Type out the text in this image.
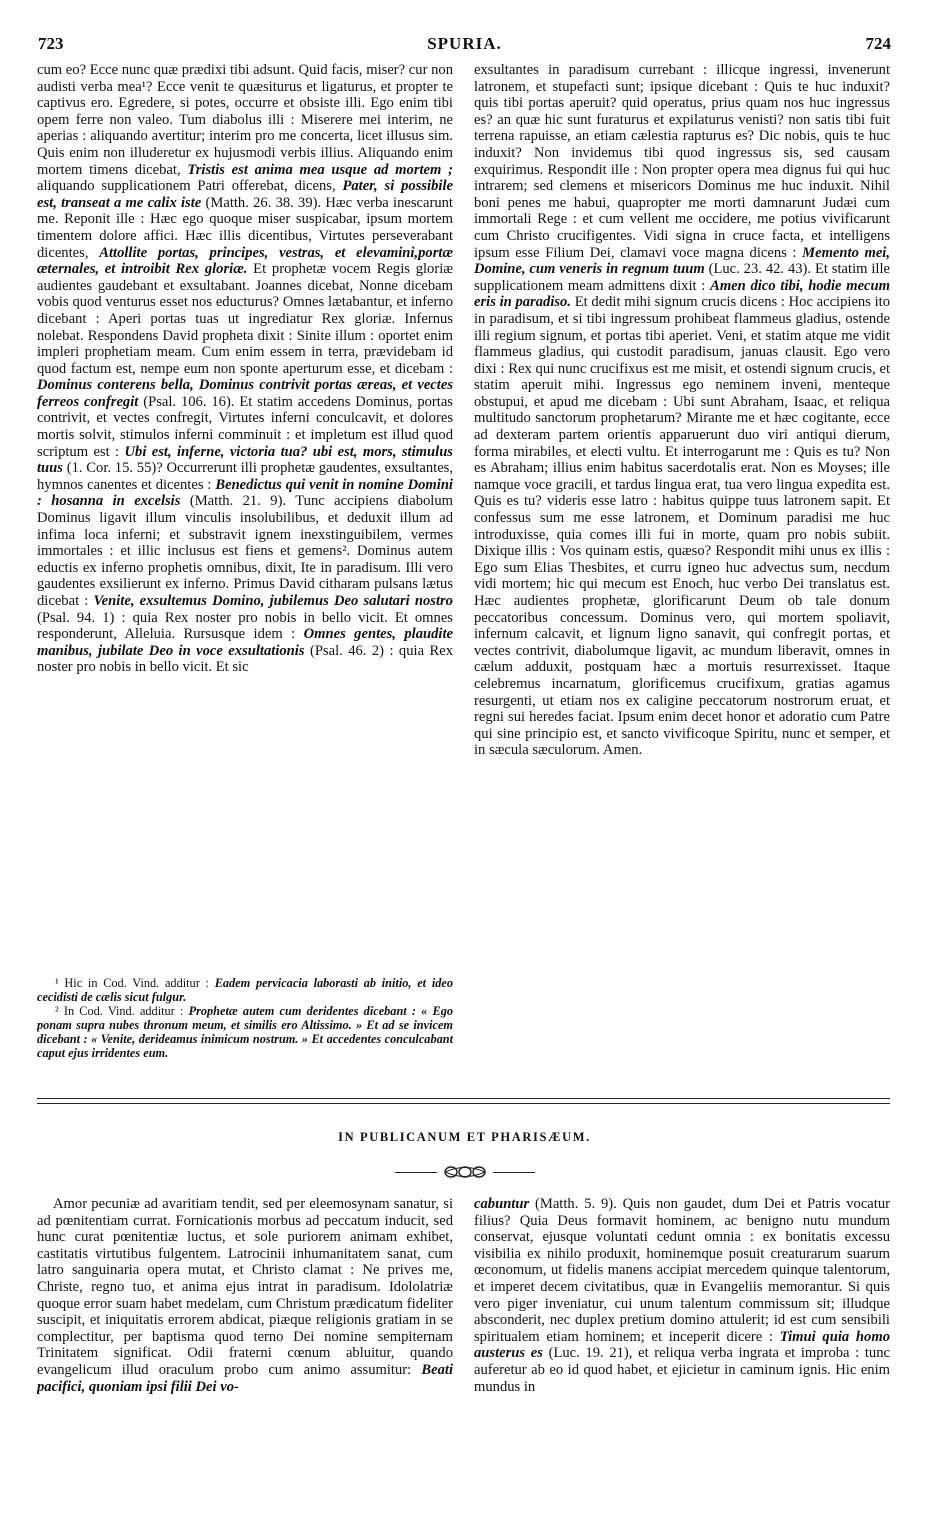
723	SPURIA.	724

cum eo? Ecce nunc quæ prædixi tibi adsunt. Quid facis, miser? cur non audisti verba mea¹? Ecce venit te quæsiturus et ligaturus, et propter te captivus ero. Egredere, si potes, occurre et obsiste illi. Ego enim tibi opem ferre non valeo. Tum diabolus illi : Miserere mei interim, ne aperias : aliquando avertitur; interim pro me concerta, licet illusus sim. Quis enim non illuderetur ex hujusmodi verbis illius. Aliquando enim mortem timens dicebat, Tristis est anima mea usque ad mortem ; aliquando supplicationem Patri offerebat, dicens, Pater, si possibile est, transeat a me calix iste (Matth. 26. 38. 39). Hæc verba inescarunt me. Reponit ille : Hæc ego quoque miser suspicabar, ipsum mortem timentem dolore affici. Hæc illis dicentibus, Virtutes perseverabant dicentes, Attollite portas, principes, vestras, et elevamini,portæ æternales, et introibit Rex gloriæ. Et prophetæ vocem Regis gloriæ audientes gaudebant et exsultabant. Joannes dicebat, Nonne dicebam vobis quod venturus esset nos educturus? Omnes lætabantur, et inferno dicebant : Aperi portas tuas ut ingrediatur Rex gloriæ. Infernus nolebat. Respondens David propheta dixit : Sinite illum : oportet enim impleri prophetiam meam. Cum enim essem in terra, prævidebam id quod factum est, nempe eum non sponte aperturum esse, et dicebam : Dominus conterens bella, Dominus contrivit portas æreas, et vectes ferreos confregit (Psal. 106. 16). Et statim accedens Dominus, portas contrivit, et vectes confregit, Virtutes inferni conculcavit, et dolores mortis solvit, stimulos inferni comminuit : et impletum est illud quod scriptum est : Ubi est, inferne, victoria tua? ubi est, mors, stimulus tuus (1. Cor. 15. 55)? Occurrerunt illi prophetæ gaudentes, exsultantes, hymnos canentes et dicentes : Benedictus qui venit in nomine Domini : hosanna in excelsis (Matth. 21. 9). Tunc accipiens diabolum Dominus ligavit illum vinculis insolubilibus, et deduxit illum ad infima loca inferni; et substravit ignem inexstinguibilem, vermes immortales : et illic inclusus est fiens et gemens². Dominus autem eductis ex inferno prophetis omnibus, dixit, Ite in paradisum. Illi vero gaudentes exsilierunt ex inferno. Primus David citharam pulsans lætus dicebat : Venite, exsultemus Domino, jubilemus Deo salutari nostro (Psal. 94. 1) : quia Rex noster pro nobis in bello vicit. Et omnes responderunt, Alleluia. Rursusque idem : Omnes gentes, plaudite manibus, jubilate Deo in voce exsultationis (Psal. 46. 2) : quia Rex noster pro nobis in bello vicit. Et sic

¹ Hic in Cod. Vind. additur : Eadem pervicacia laborasti ab initio, et ideo cecidisti de cælis sicut fulgur.

² In Cod. Vind. additur : Prophetæ autem cum deridentes dicebant : « Ego ponam supra nubes thronum meum, et similis ero Altissimo. » Et ad se invicem dicebant : « Venite, derideamus inimicum nostrum. » Et accedentes conculcabant caput ejus irridentes eum.

exsultantes in paradisum currebant : illicque ingressi, invenerunt latronem, et stupefacti sunt; ipsique dicebant : Quis te huc induxit? quis tibi portas aperuit? quid operatus, prius quam nos huc ingressus es? an quæ hic sunt furaturus et expilaturus venisti? non satis tibi fuit terrena rapuisse, an etiam cælestia rapturus es? Dic nobis, quis te huc induxit? Non invidemus tibi quod ingressus sis, sed causam exquirimus. Respondit ille : Non propter opera mea dignus fui qui huc intrarem; sed clemens et misericors Dominus me huc induxit. Nihil boni penes me habui, quapropter me morti damnarunt Judæi cum immortali Rege : et cum vellent me occidere, me potius vivificarunt cum Christo crucifigentes. Vidi signa in cruce facta, et intelligens ipsum esse Filium Dei, clamavi voce magna dicens : Memento mei, Domine, cum veneris in regnum tuum (Luc. 23. 42. 43). Et statim ille supplicationem meam admittens dixit : Amen dico tibi, hodie mecum eris in paradiso. Et dedit mihi signum crucis dicens : Hoc accipiens ito in paradisum, et si tibi ingressum prohibeat flammeus gladius, ostende illi regium signum, et portas tibi aperiet. Veni, et statim atque me vidit flammeus gladius, qui custodit paradisum, januas clausit. Ego vero dixi : Rex qui nunc crucifixus est me misit, et ostendi signum crucis, et statim aperuit mihi. Ingressus ego neminem inveni, menteque obstupui, et apud me dicebam : Ubi sunt Abraham, Isaac, et reliqua multitudo sanctorum prophetarum? Mirante me et hæc cogitante, ecce ad dexteram partem orientis apparuerunt duo viri antiqui dierum, forma mirabiles, et electi vultu. Et interrogarunt me : Quis es tu? Non es Abraham; illius enim habitus sacerdotalis erat. Non es Moyses; ille namque voce gracili, et tardus lingua erat, tua vero lingua expedita est. Quis es tu? videris esse latro : habitus quippe tuus latronem sapit. Et confessus sum me esse latronem, et Dominum paradisi me huc introduxisse, quia comes illi fui in morte, quam pro nobis subiit. Dixique illis : Vos quinam estis, quæso? Respondit mihi unus ex illis : Ego sum Elias Thesbites, et curru igneo huc advectus sum, necdum vidi mortem; hic qui mecum est Enoch, huc verbo Dei translatus est. Hæc audientes prophetæ, glorificarunt Deum ob tale donum peccatoribus concessum. Dominus vero, qui mortem spoliavit, infernum calcavit, et lignum ligno sanavit, qui confregit portas, et vectes contrivit, diabolumque ligavit, ac mundum liberavit, omnes in cælum adduxit, postquam hæc a mortuis resurrexisset. Itaque celebremus incarnatum, glorificemus crucifixum, gratias agamus resurgenti, ut etiam nos ex caligine peccatorum nostrorum eruat, et regni sui heredes faciat. Ipsum enim decet honor et adoratio cum Patre qui sine principio est, et sancto vivificoque Spiritu, nunc et semper, et in sæcula sæculorum. Amen.

IN PUBLICANUM ET PHARISÆUM.

Amor pecuniæ ad avaritiam tendit, sed per eleemosynam sanatur, si ad pœnitentiam currat. Fornicationis morbus ad peccatum inducit, sed hunc curat pœnitentiæ luctus, et sole puriorem animam exhibet, castitatis virtutibus fulgentem. Latrocinii inhumanitatem sanat, cum latro sanguinaria opera mutat, et Christo clamat : Ne prives me, Christe, regno tuo, et anima ejus intrat in paradisum. Idololatriæ quoque error suam habet medelam, cum Christum prædicatum fideliter suscipit, et iniquitatis errorem abdicat, piæque religionis gratiam in se complectitur, per baptisma quod terno Dei nomine sempiternam Trinitatem significat. Odii fraterni cœnum abluitur, quando evangelicum illud oraculum probo cum animo assumitur: Beati pacifici, quoniam ipsi filii Dei vo-

cabuntur (Matth. 5. 9). Quis non gaudet, dum Dei et Patris vocatur filius? Quia Deus formavit hominem, ac benigno nutu mundum conservat, ejusque voluntati cedunt omnia : ex bonitatis excessu visibilia ex nihilo produxit, hominemque posuit creaturarum suarum œconomum, ut fidelis manens accipiat mercedem quinque talentorum, et imperet decem civitatibus, quæ in Evangeliis memorantur. Si quis vero piger inveniatur, cui unum talentum commissum sit; illudque absconderit, nec duplex pretium domino attulerit; id est cum sensibili spiritualem etiam hominem; et inceperit dicere : Timui quia homo austerus es (Luc. 19. 21), et reliqua verba ingrata et improba : tunc auferetur ab eo id quod habet, et ejicietur in caminum ignis. Hic enim mundus in
